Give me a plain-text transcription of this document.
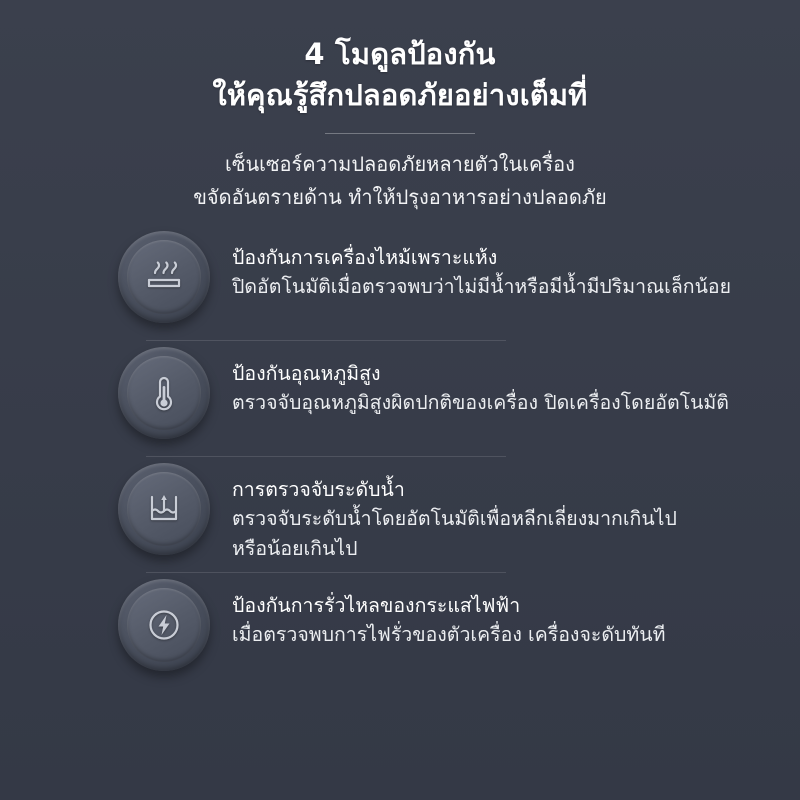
4 โมดูลป้องกัน
ให้คุณรู้สึกปลอดภัยอย่างเต็มที่
เซ็นเซอร์ความปลอดภัยหลายตัวในเครื่อง
ขจัดอันตรายด้าน ทำให้ปรุงอาหารอย่างปลอดภัย
ป้องกันการเครื่องไหม้เพราะแห้ง
ปิดอัตโนมัติเมื่อตรวจพบว่าไม่มีน้ำหรือมีน้ำมีปริมาณเล็กน้อย
ป้องกันอุณหภูมิสูง
ตรวจจับอุณหภูมิสูงผิดปกติของเครื่อง ปิดเครื่องโดยอัตโนมัติ
การตรวจจับระดับน้ำ
ตรวจจับระดับน้ำโดยอัตโนมัติเพื่อหลีกเลี่ยงมากเกินไป
หรือน้อยเกินไป
ป้องกันการรั่วไหลของกระแสไฟฟ้า
เมื่อตรวจพบการไฟรั่วของตัวเครื่อง เครื่องจะดับทันที
